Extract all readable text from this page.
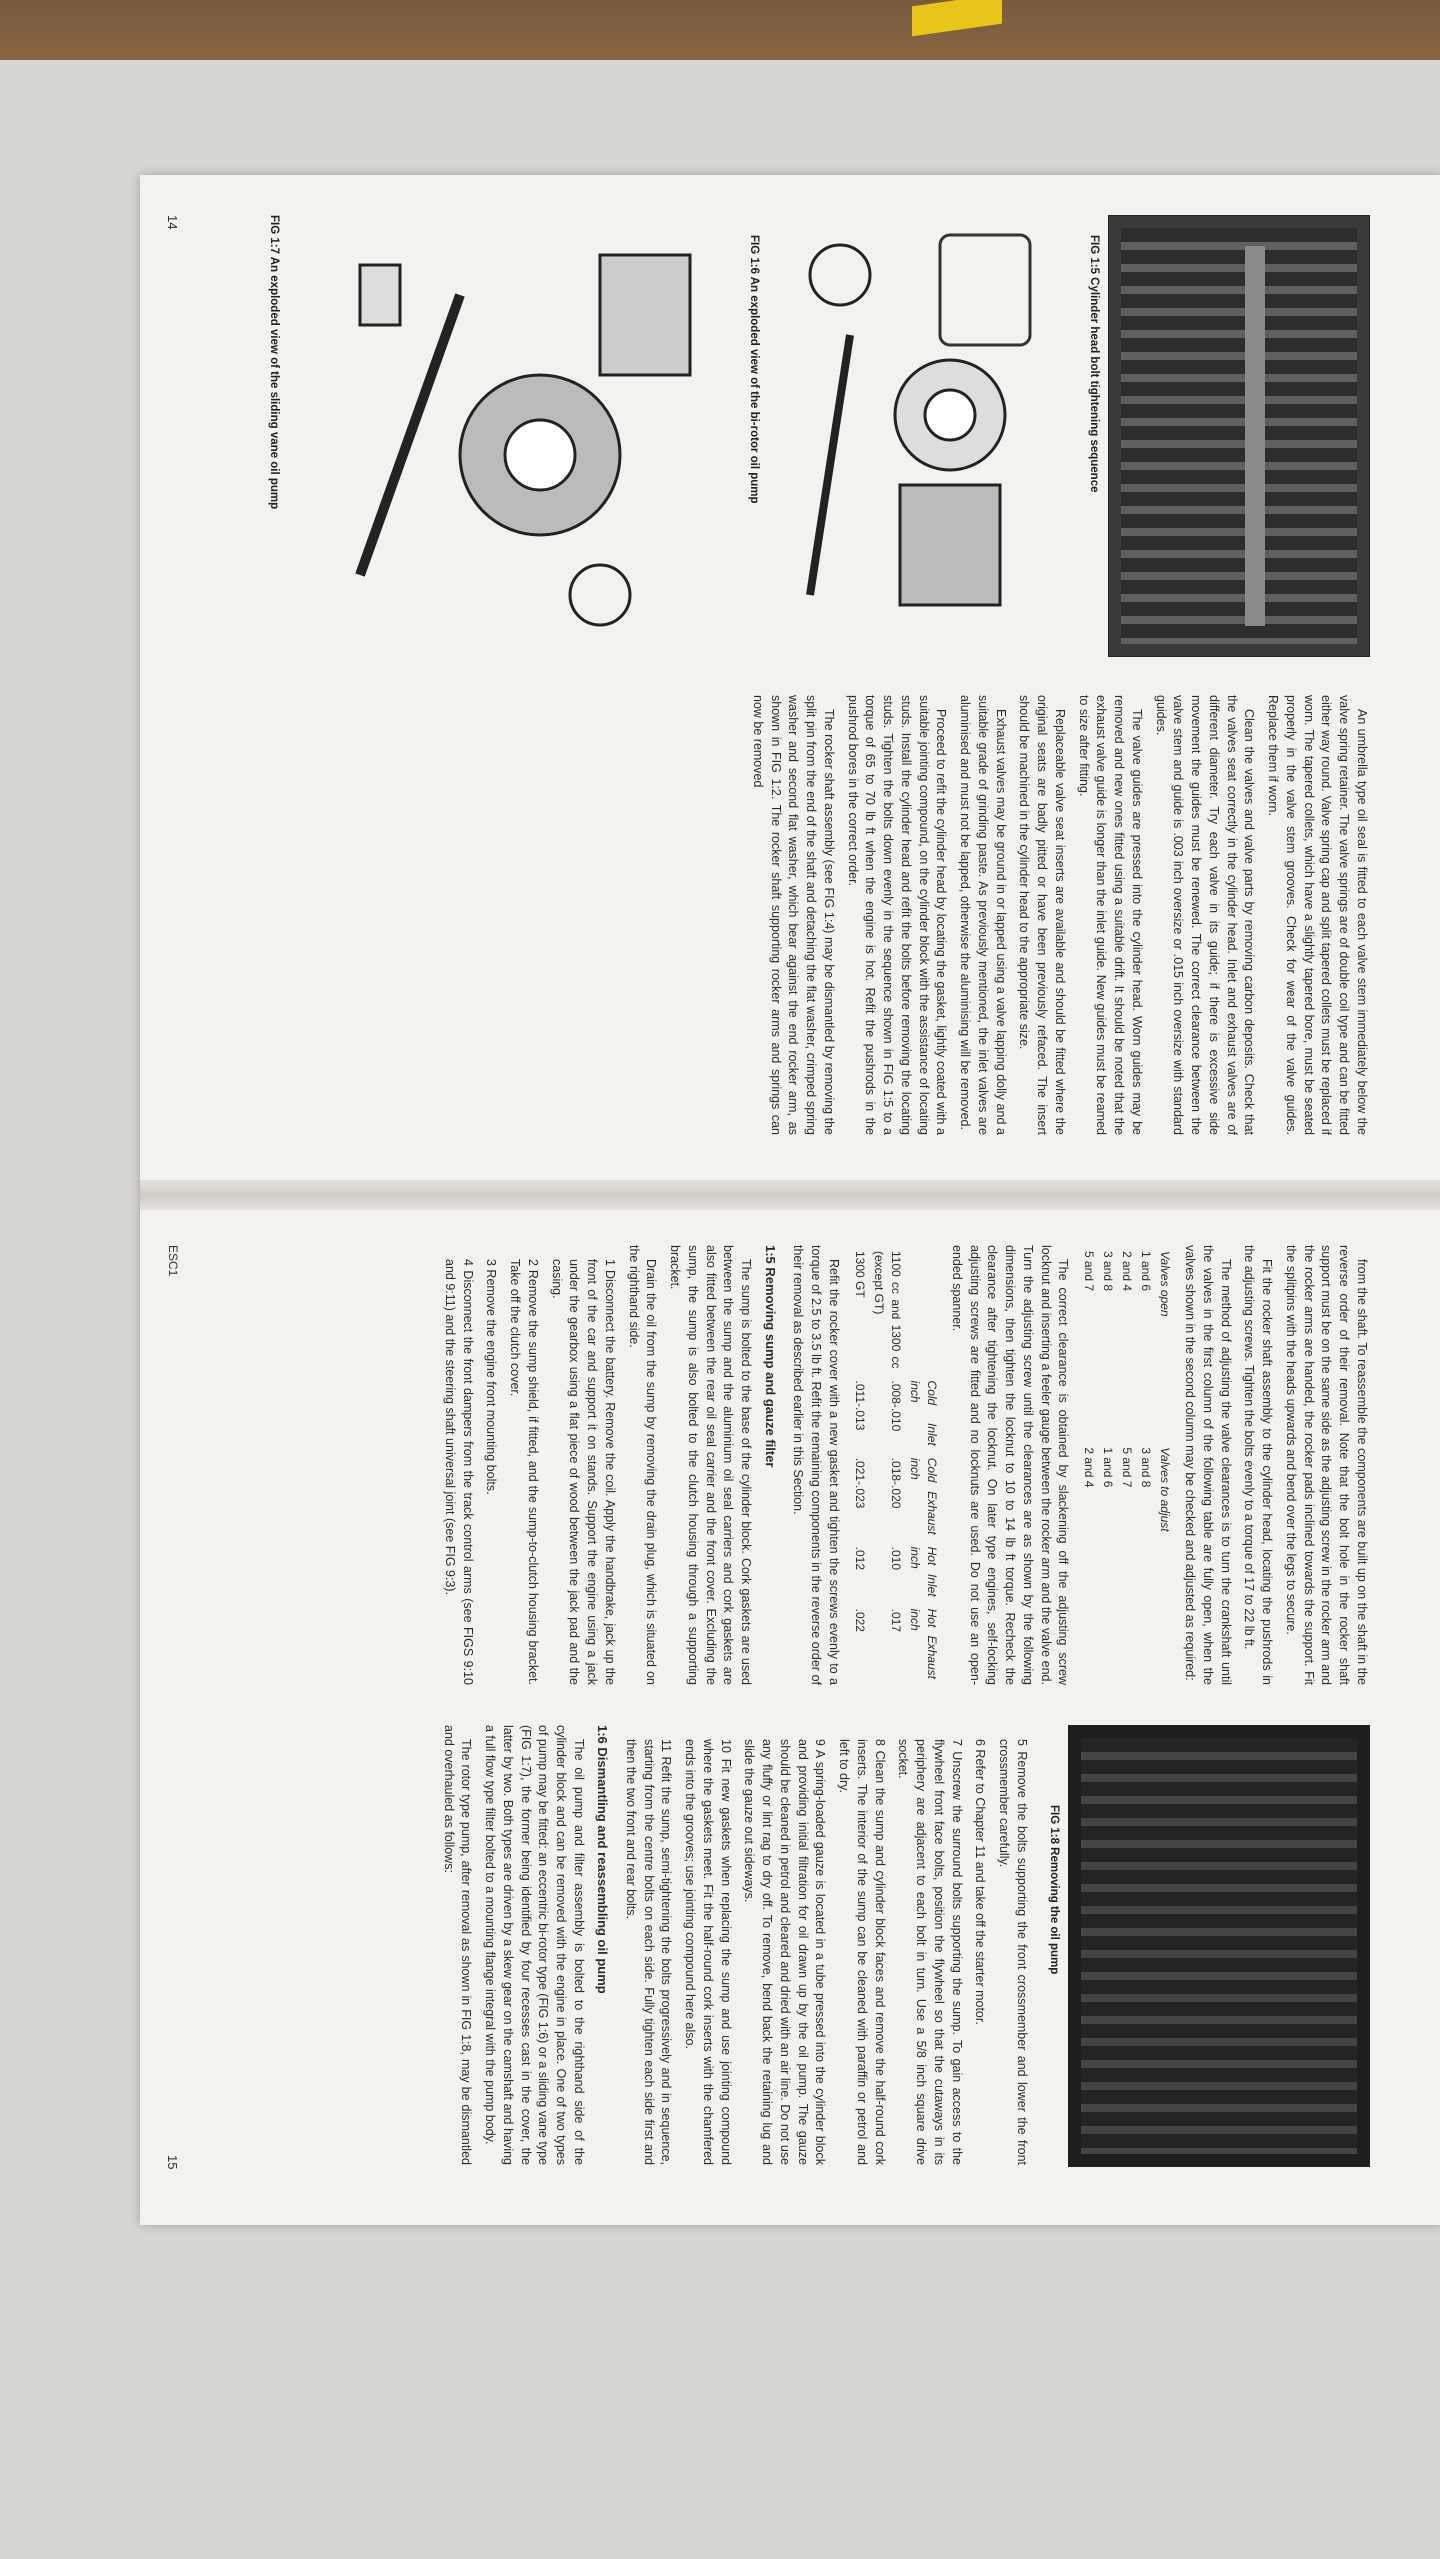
FIG 1:5 Cylinder head bolt tightening sequence
FIG 1:6 An exploded view of the bi-rotor oil pump
FIG 1:7 An exploded view of the sliding vane oil pump

An umbrella type oil seal is fitted to each valve stem immediately below the valve spring retainer. The valve springs are of double coil type and can be fitted either way round. Valve spring cap and split tapered collets must be replaced if worn. The tapered collets, which have a slightly tapered bore, must be seated properly in the valve stem grooves. Check for wear of the valve guides. Replace them if worn.

Clean the valves and valve parts by removing carbon deposits. Check that the valves seat correctly in the cylinder head. Inlet and exhaust valves are of different diameter. Try each valve in its guide; if there is excessive side movement the guides must be renewed. The correct clearance between the valve stem and guide is .003 inch oversize or .015 inch oversize with standard guides.

The valve guides are pressed into the cylinder head. Worn guides may be removed and new ones fitted using a suitable drift. It should be noted that the exhaust valve guide is longer than the inlet guide. New guides must be reamed to size after fitting.

Replaceable valve seat inserts are available and should be fitted where the original seats are badly pitted or have been previously refaced. The insert should be machined in the cylinder head to the appropriate size.

Exhaust valves may be ground in or lapped using a valve lapping dolly and a suitable grade of grinding paste. As previously mentioned, the inlet valves are aluminised and must not be lapped, otherwise the aluminising will be removed.

Proceed to refit the cylinder head by locating the gasket, lightly coated with a suitable jointing compound, on the cylinder block with the assistance of locating studs. Install the cylinder head and refit the bolts before removing the locating studs. Tighten the bolts down evenly in the sequence shown in FIG 1:5 to a torque of 65 to 70 lb ft when the engine is hot. Refit the pushrods in the pushrod bores in the correct order.

The rocker shaft assembly (see FIG 1:4) may be dismantled by removing the split pin from the end of the shaft and detaching the flat washer, crimped spring washer and second flat washer, which bear against the end rocker arm, as shown in FIG 1:2. The rocker shaft supporting rocker arms and springs can now be removed

14

from the shaft. To reassemble the components are built up on the shaft in the reverse order of their removal. Note that the bolt hole in the rocker shaft support must be on the same side as the adjusting screw in the rocker arm and the rocker arms are handed, the rocker pads inclined towards the support. Fit the splitpins with the heads upwards and bend over the legs to secure.

Fit the rocker shaft assembly to the cylinder head, locating the pushrods in the adjusting screws. Tighten the bolts evenly to a torque of 17 to 22 lb ft.

The method of adjusting the valve clearances is to turn the crankshaft until the valves in the first column of the following table are fully open, when the valves shown in the second column may be checked and adjusted as required:

Valves open	Valves to adjust
1 and 6	3 and 8
2 and 4	5 and 7
3 and 8	1 and 6
5 and 7	2 and 4

The correct clearance is obtained by slackening off the adjusting screw locknut and inserting a feeler gauge between the rocker arm and the valve end. Turn the adjusting screw until the clearances are as shown by the following dimensions, then tighten the locknut to 10 to 14 lb ft torque. Recheck the clearance after tightening the locknut. On later type engines, self-locking adjusting screws are fitted and no locknuts are used. Do not use an open-ended spanner.

	Cold Inlet inch	Cold Exhaust inch	Hot Inlet inch	Hot Exhaust inch
1100 cc and 1300 cc (except GT)	.008-.010	.018-.020	.010	.017
1300 GT	.011-.013	.021-.023	.012	.022

Refit the rocker cover with a new gasket and tighten the screws evenly to a torque of 2.5 to 3.5 lb ft. Refit the remaining components in the reverse order of their removal as described earlier in this Section.

1:5 Removing sump and gauze filter

The sump is bolted to the base of the cylinder block. Cork gaskets are used between the sump and the aluminium oil seal carriers and cork gaskets are also fitted between the rear oil seal carrier and the front cover. Excluding the sump, the sump is also bolted to the clutch housing through a supporting bracket.

Drain the oil from the sump by removing the drain plug, which is situated on the righthand side.

1 Disconnect the battery. Remove the coil. Apply the handbrake, jack up the front of the car and support it on stands. Support the engine using a jack under the gearbox using a flat piece of wood between the jack pad and the casing.

2 Remove the sump shield, if fitted, and the sump-to-clutch housing bracket. Take off the clutch cover.

3 Remove the engine front mounting bolts.

4 Disconnect the front dampers from the track control arms (see FIGS 9:10 and 9:11) and the steering shaft universal joint (see FIG 9:3).

FIG 1:8 Removing the oil pump

5 Remove the bolts supporting the front crossmember and lower the front crossmember carefully.

6 Refer to Chapter 11 and take off the starter motor.

7 Unscrew the surround bolts supporting the sump. To gain access to the flywheel front face bolts, position the flywheel so that the cutaways in its periphery are adjacent to each bolt in turn. Use a 5/8 inch square drive socket.

8 Clean the sump and cylinder block faces and remove the half-round cork inserts. The interior of the sump can be cleaned with paraffin or petrol and left to dry.

9 A spring-loaded gauze is located in a tube pressed into the cylinder block and providing initial filtration for oil drawn up by the oil pump. The gauze should be cleaned in petrol and cleared and dried with an air line. Do not use any fluffy or lint rag to dry off. To remove, bend back the retaining lug and slide the gauze out sideways.

10 Fit new gaskets when replacing the sump and use jointing compound where the gaskets meet. Fit the half-round cork inserts with the chamfered ends into the grooves; use jointing compound here also.

11 Refit the sump, semi-tightening the bolts progressively and in sequence, starting from the centre bolts on each side. Fully tighten each side first and then the two front and rear bolts.

1:6 Dismantling and reassembling oil pump

The oil pump and filter assembly is bolted to the righthand side of the cylinder block and can be removed with the engine in place. One of two types of pump may be fitted: an eccentric bi-rotor type (FIG 1:6) or a sliding vane type (FIG 1:7), the former being identified by four recesses cast in the cover, the latter by two. Both types are driven by a skew gear on the camshaft and having a full flow type filter bolted to a mounting flange integral with the pump body.

The rotor type pump, after removal as shown in FIG 1:8, may be dismantled and overhauled as follows:

ESC1
15
